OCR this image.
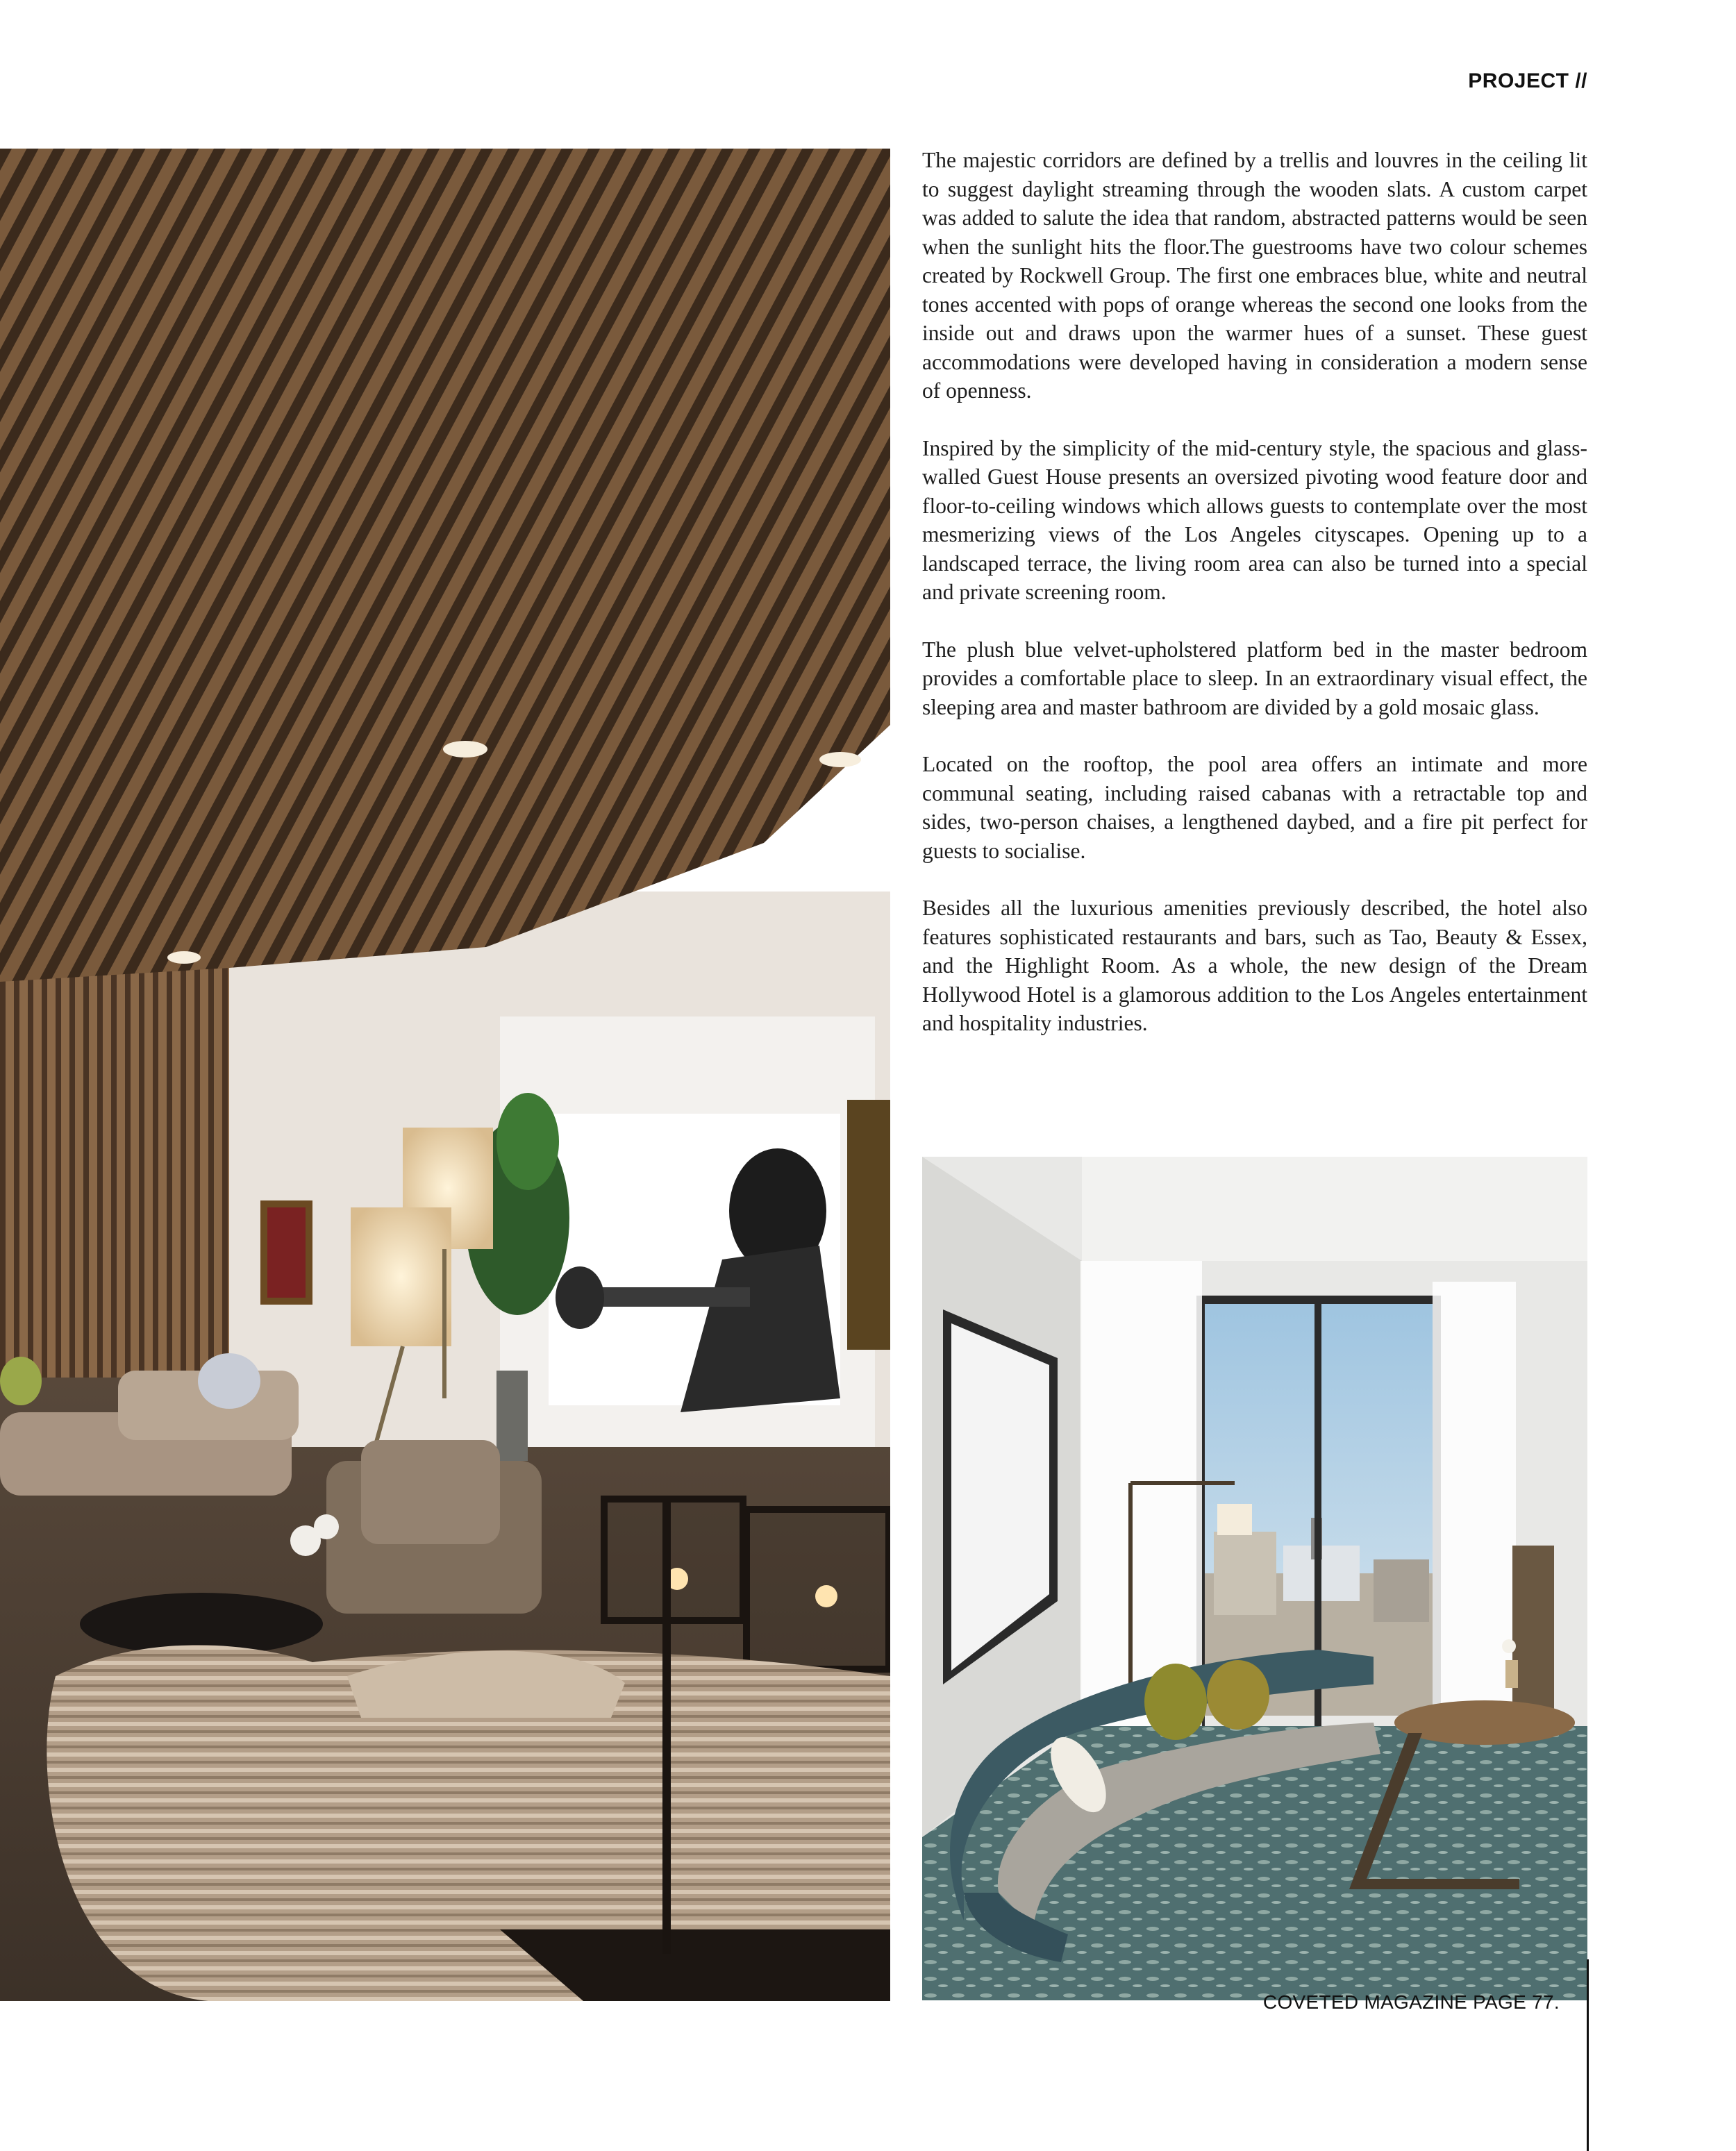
PROJECT //

The majestic corridors are defined by a trellis and louvres in the ceiling lit to suggest daylight streaming through the wooden slats. A custom carpet was added to salute the idea that random, abstracted patterns would be seen when the sunlight hits the floor.The guestrooms have two colour schemes created by Rockwell Group. The first one embraces blue, white and neutral tones accented with pops of orange whereas the second one looks from the inside out and draws upon the warmer hues of a sunset. These guest accommodations were developed having in consideration a modern sense of openness.

Inspired by the simplicity of the mid-century style, the spacious and glass-walled Guest House presents an oversized pivoting wood feature door and floor-to-ceiling windows which allows guests to contemplate over the most mesmerizing views of the Los Angeles cityscapes. Opening up to a landscaped terrace, the living room area can also be turned into a special and private screening room.

The plush blue velvet-upholstered platform bed in the master bedroom provides a comfortable place to sleep. In an extraordinary visual effect, the sleeping area and master bathroom are divided by a gold mosaic glass.

Located on the rooftop, the pool area offers an intimate and more communal seating, including raised cabanas with a retractable top and sides, two-person chaises, a lengthened daybed, and a fire pit perfect for guests to socialise.

Besides all the luxurious amenities previously described, the hotel also features sophisticated restaurants and bars, such as Tao, Beauty & Essex, and the Highlight Room. As a whole, the new design of the Dream Hollywood Hotel is a glamorous addition to the Los Angeles entertainment and hospitality industries.

COVETED MAGAZINE PAGE 77.
